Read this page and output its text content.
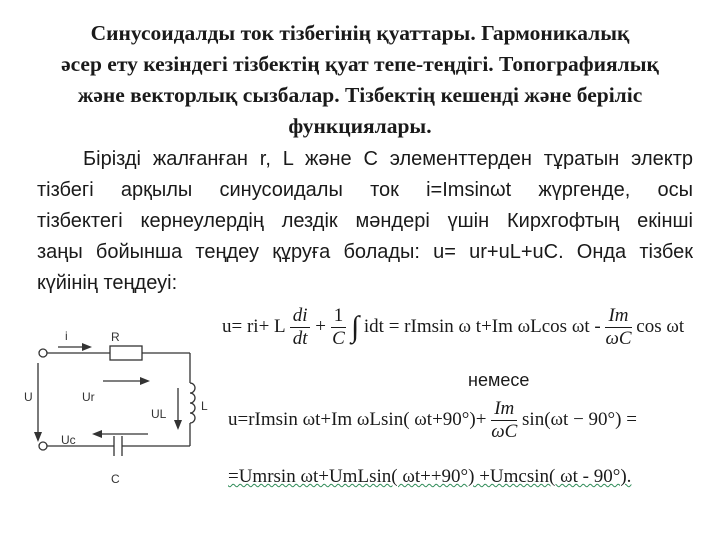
Синусоидалды ток тізбегінің қуаттары. Гармоникалық
әсер ету кезіндегі тізбектің қуат тепе-теңдігі. Топографиялық
және векторлық сызбалар. Тізбектің кешенді және беріліс
функциялары.
Бірізді жалғанған r, L және C элементтерден тұратын электр
тізбегі арқылы синусоидалы ток i=Imsinωt жүргенде, осы
тізбектегі кернеулердің лездік мәндері үшін Кирхгофтың екінші
заңы бойынша теңдеу құруға болады: u= ur+uL+uC. Онда тізбек
күйінің теңдеуі:
i	R
U	Ur
UL
L
Uc
C
u= ri+ L $\frac{di}{dt} + \frac{1}{C}$ ∫ idt = rImsin ω t+Im ωLcos ωt - $\frac{Im}{\omega C}$ cos ωt
немесе
u=rImsin ωt+Im ωLsin( $\omega t+90^\circ)+ \frac{Im}{\omega C} \sin(\omega t - 90^\circ)$ =
=Umrsin ωt+UmLsin( ωt++90°) +Umcsin( ωt - 90°).
